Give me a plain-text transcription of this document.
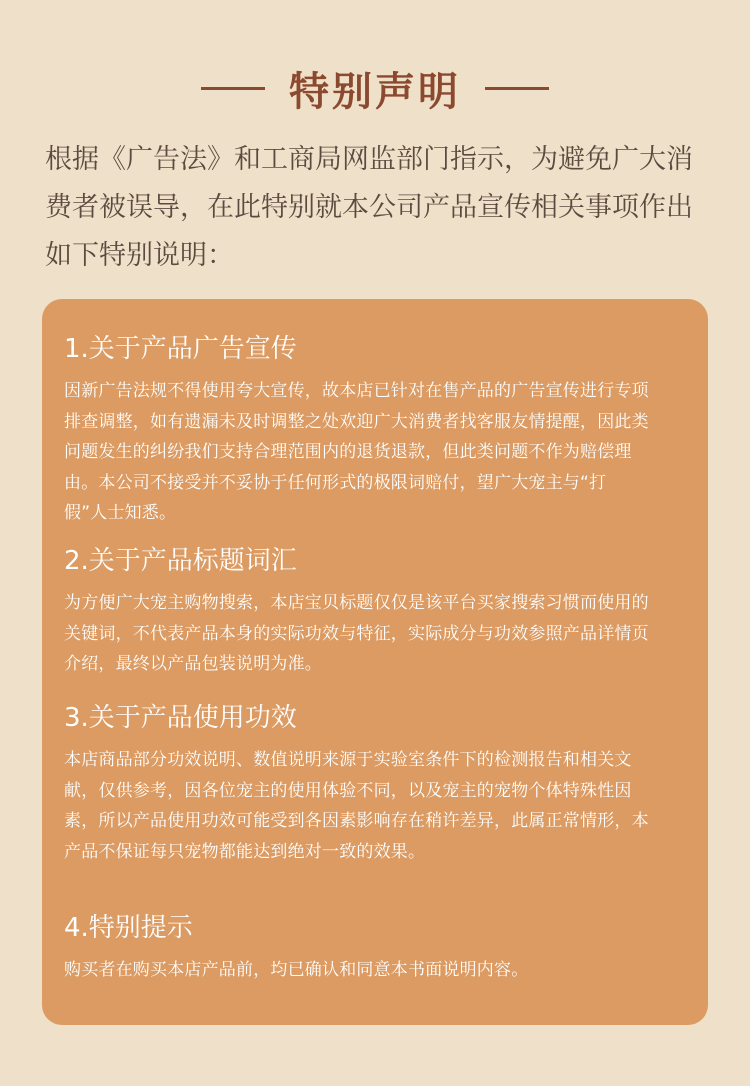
特别声明

根据《广告法》和工商局网监部门指示，为避免广大消费者被误导，在此特别就本公司产品宣传相关事项作出如下特别说明：

1.关于产品广告宣传

因新广告法规不得使用夸大宣传，故本店已针对在售产品的广告宣传进行专项排查调整，如有遗漏未及时调整之处欢迎广大消费者找客服友情提醒，因此类问题发生的纠纷我们支持合理范围内的退货退款，但此类问题不作为赔偿理由。本公司不接受并不妥协于任何形式的极限词赔付，望广大宠主与“打假”人士知悉。

2.关于产品标题词汇

为方便广大宠主购物搜索，本店宝贝标题仅仅是该平台买家搜索习惯而使用的关键词，不代表产品本身的实际功效与特征，实际成分与功效参照产品详情页介绍，最终以产品包装说明为准。

3.关于产品使用功效

本店商品部分功效说明、数值说明来源于实验室条件下的检测报告和相关文献，仅供参考，因各位宠主的使用体验不同，以及宠主的宠物个体特殊性因素，所以产品使用功效可能受到各因素影响存在稍许差异，此属正常情形，本产品不保证每只宠物都能达到绝对一致的效果。

4.特别提示

购买者在购买本店产品前，均已确认和同意本书面说明内容。
